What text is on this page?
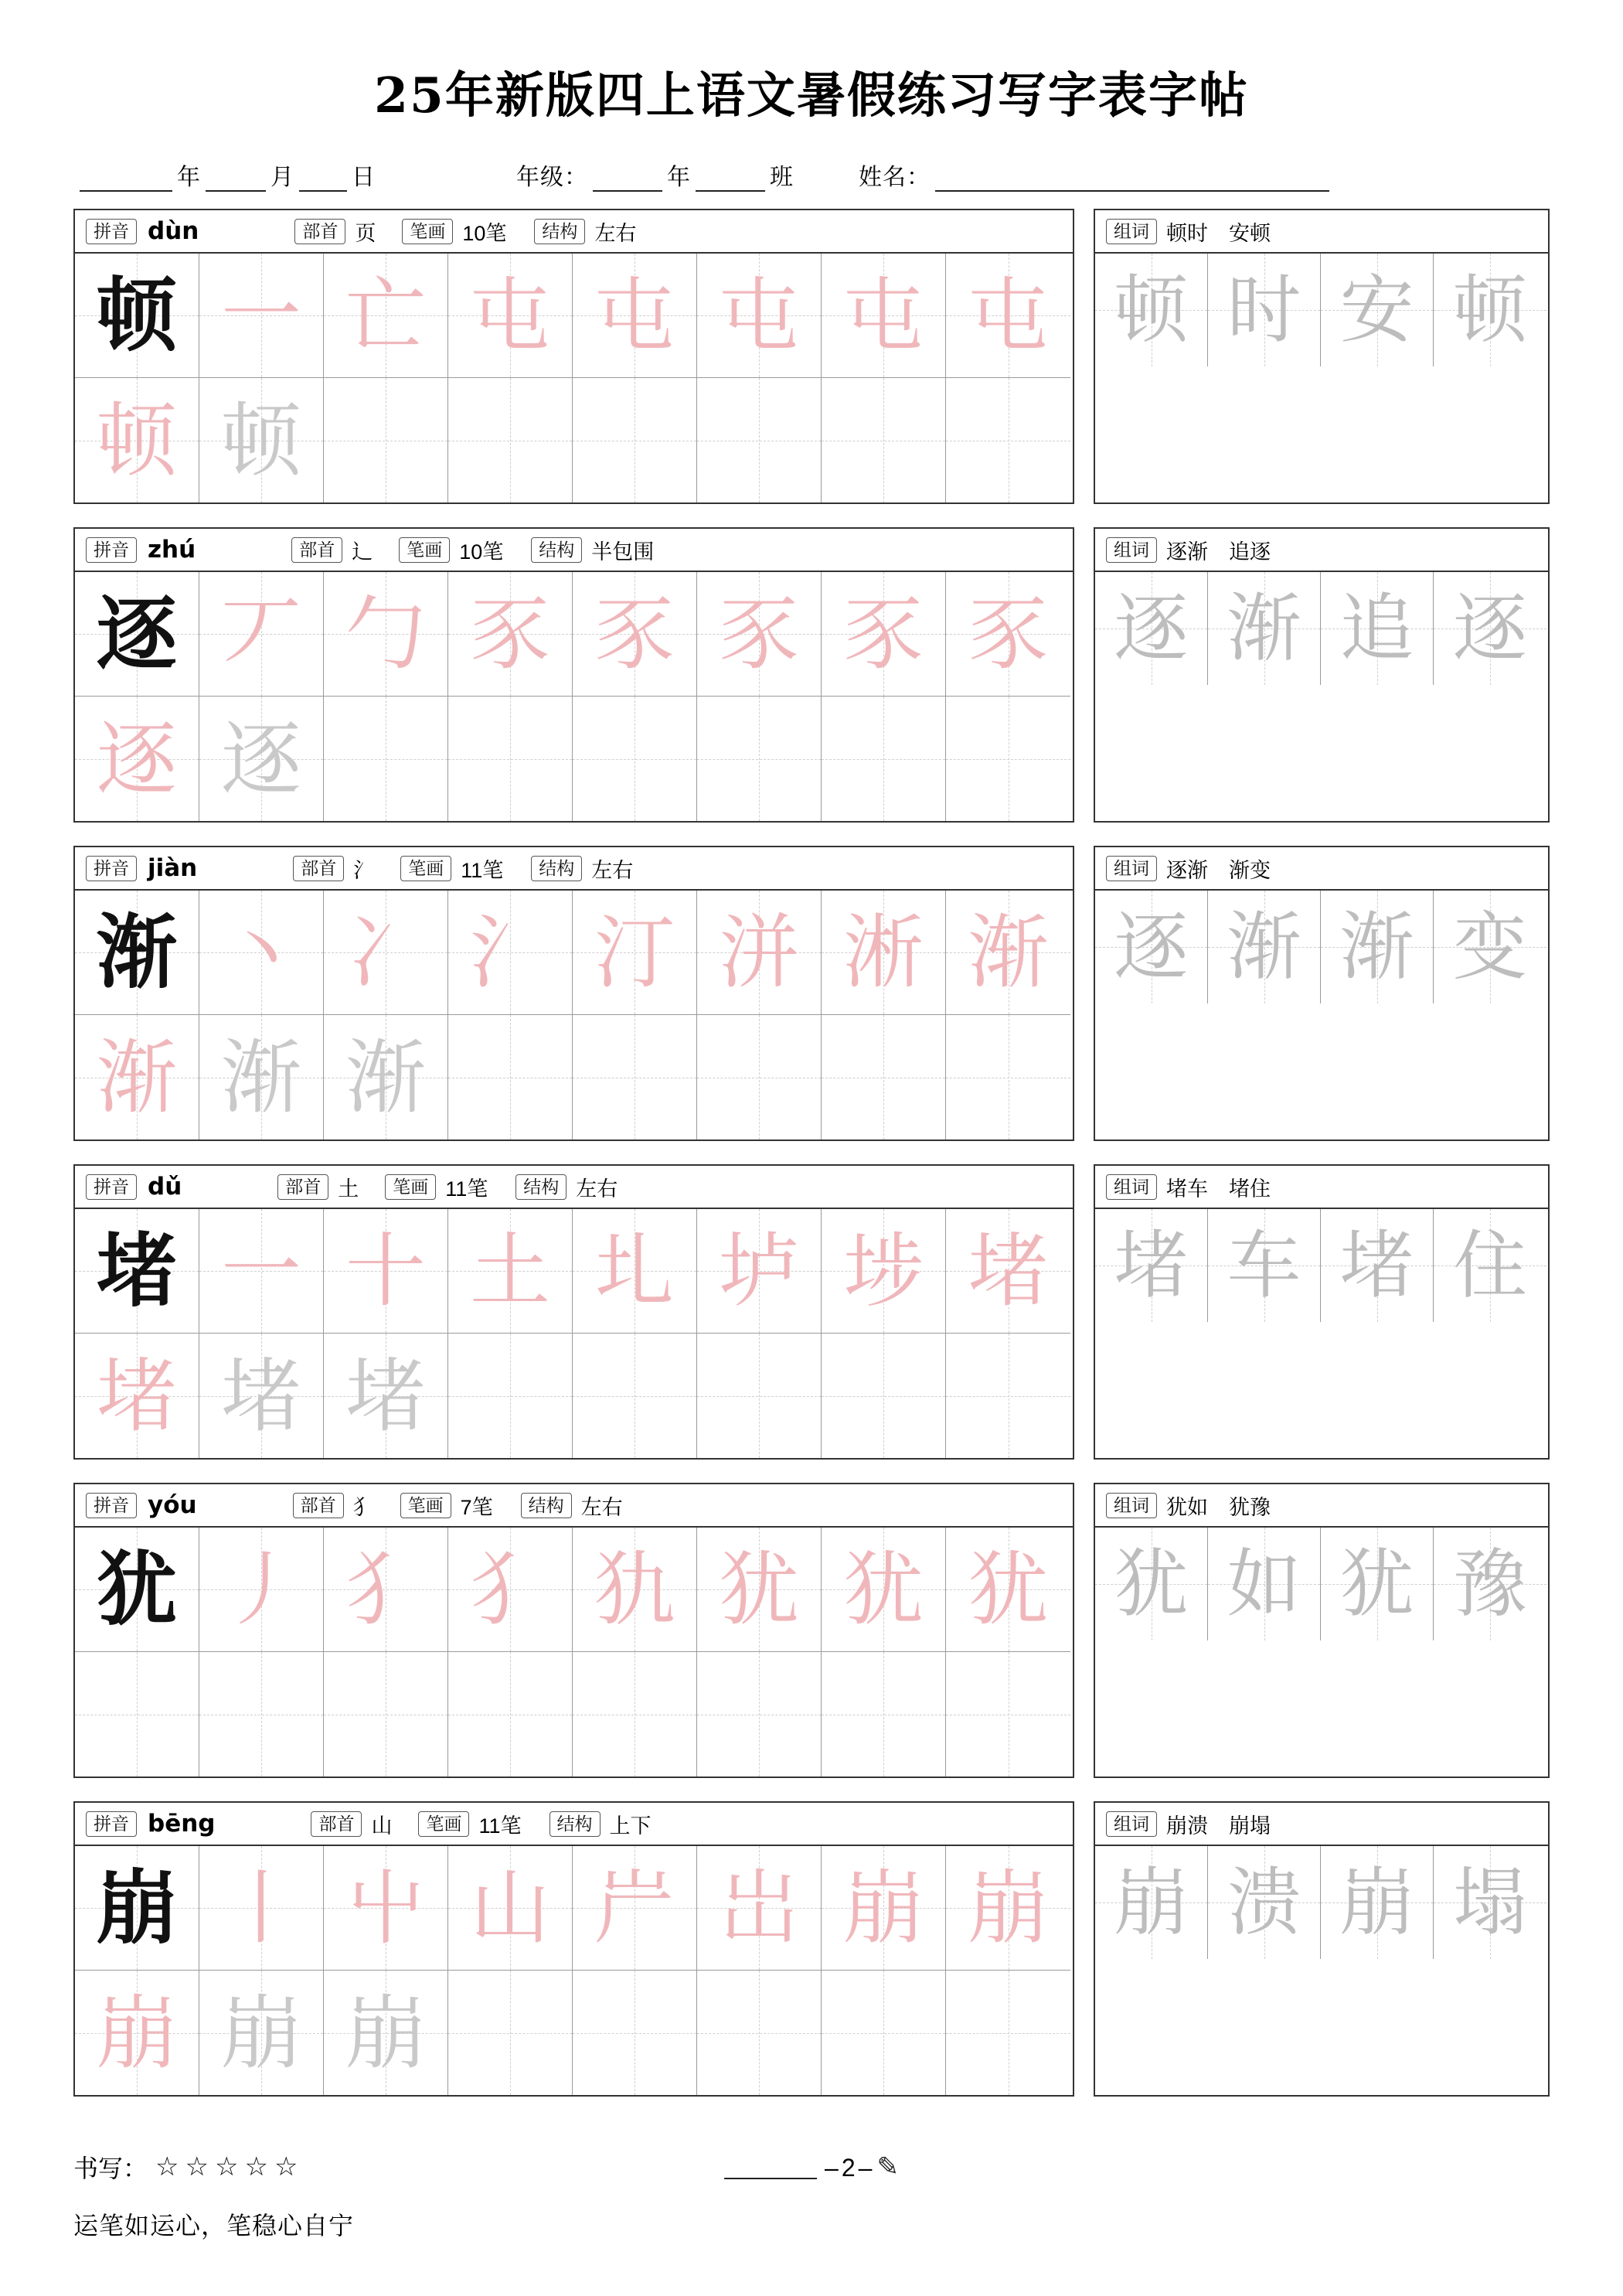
25年新版四上语文暑假练习写字表字帖
年	月 日	年级：	年	班	姓名：
拼音 dùn	部首 页	笔画 10笔	结构 左右
顿 一 亡 屯 屯 屯 屯 屯
顿 顿
组词 顿时　安顿
顿 时 安 顿
拼音 zhú	部首 辶	笔画 10笔	结构 半包围
逐 丆 勹 豕 豕 豕 豕 豕
逐 逐
组词 逐渐　追逐
逐 渐 追 逐
拼音 jiàn	部首 氵	笔画 11笔	结构 左右
渐 丶 冫 氵 汀 洴 淅 渐
渐 渐 渐
组词 逐渐　渐变
逐 渐 渐 变
拼音 dǔ	部首 土	笔画 11笔	结构 左右
堵 一 十 土 圠 垆 埗 堵
堵 堵 堵
组词 堵车　堵住
堵 车 堵 住
拼音 yóu	部首 犭	笔画 7笔	结构 左右
犹 丿 犭 犭 犰 犹 犹 犹
组词 犹如　犹豫
犹 如 犹 豫
拼音 bēng	部首 山	笔画 11笔	结构 上下
崩 丨 屮 山 屵 岀 崩 崩
崩 崩 崩
组词 崩溃　崩塌
崩 溃 崩 塌
书写： ☆☆☆☆☆	– 2 – ✎
运笔如运心，笔稳心自宁
